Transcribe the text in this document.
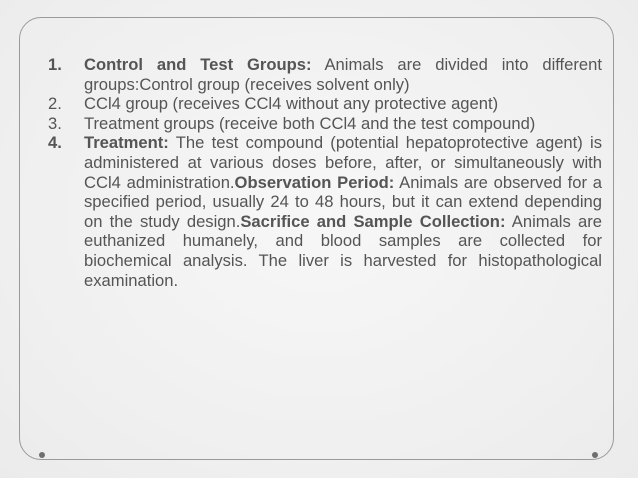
1.	Control and Test Groups: Animals are divided into different groups:Control group (receives solvent only)
2.	CCl4 group (receives CCl4 without any protective agent)
3.	Treatment groups (receive both CCl4 and the test compound)
4.	Treatment: The test compound (potential hepatoprotective agent) is administered at various doses before, after, or simultaneously with CCl4 administration.Observation Period: Animals are observed for a specified period, usually 24 to 48 hours, but it can extend depending on the study design.Sacrifice and Sample Collection: Animals are euthanized humanely, and blood samples are collected for biochemical analysis. The liver is harvested for histopathological examination.
